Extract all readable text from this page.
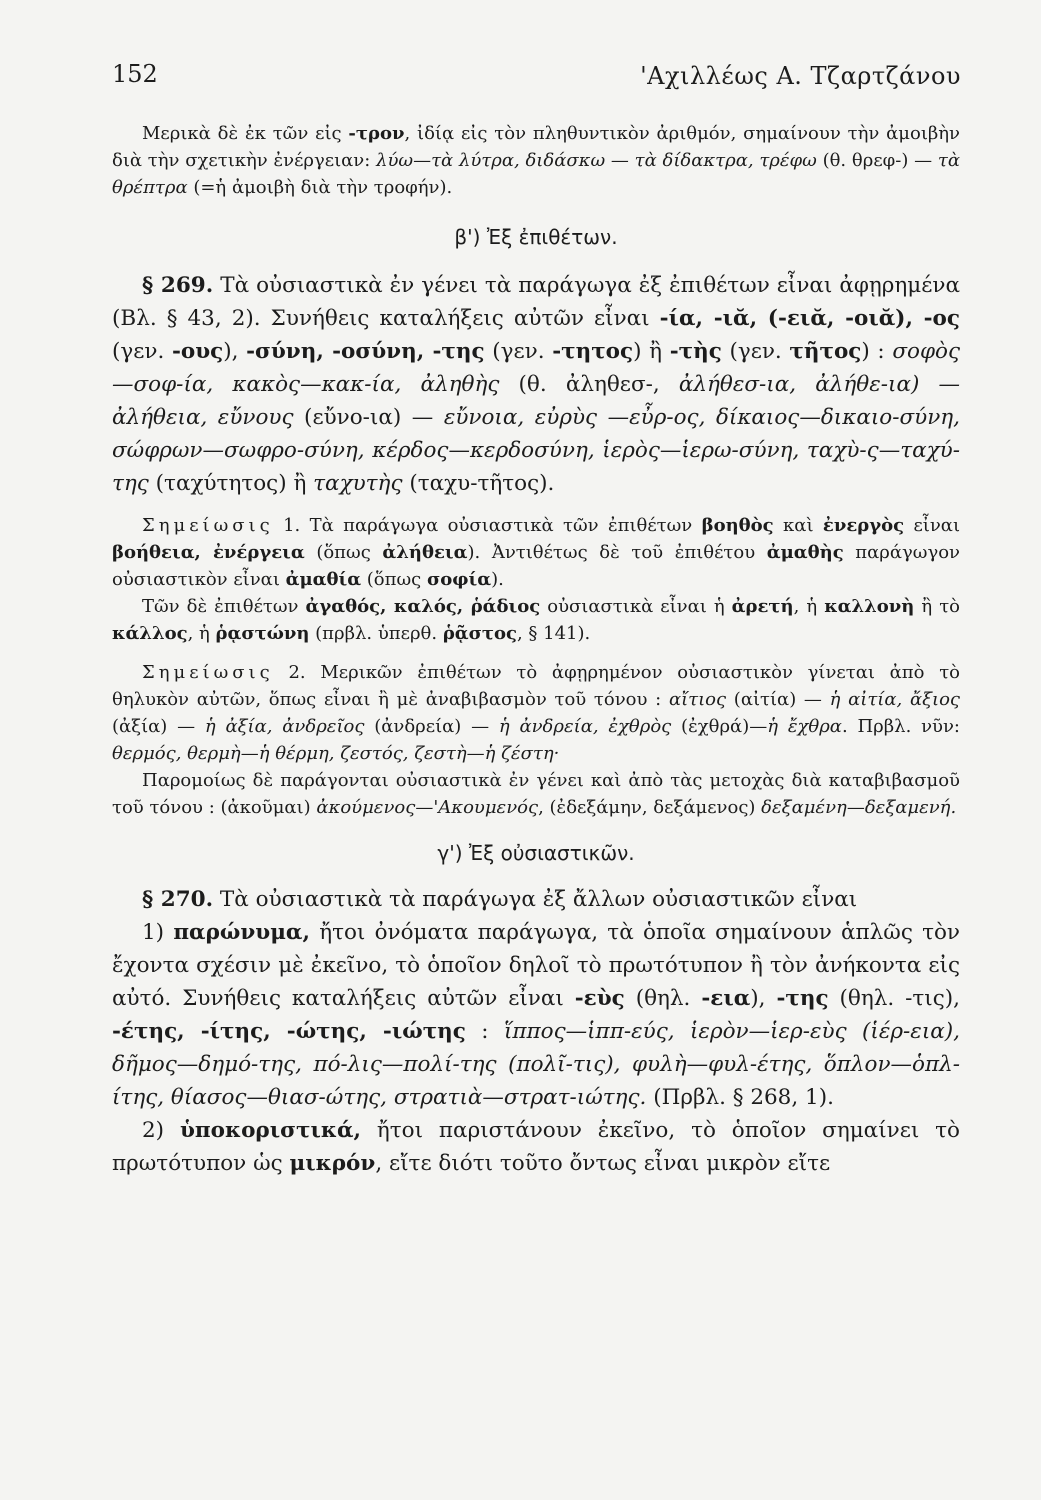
152	'Αχιλλέως Α. Τζαρτζάνου

Μερικὰ δὲ ἐκ τῶν εἰς -τρον, ἰδίᾳ εἰς τὸν πληθυντικὸν ἀριθμόν, σημαίνουν τὴν ἀμοιβὴν διὰ τὴν σχετικὴν ἐνέργειαν: λύω—τὰ λύτρα, διδάσκω — τὰ δίδακτρα, τρέφω (θ. θρεφ-) — τὰ θρέπτρα (=ἡ ἀμοιβὴ διὰ τὴν τροφήν).

β') Ἐξ ἐπιθέτων.

§ 269. Τὰ οὐσιαστικὰ ἐν γένει τὰ παράγωγα ἐξ ἐπιθέτων εἶναι ἀφῃρημένα (Βλ. § 43, 2). Συνήθεις καταλήξεις αὐτῶν εἶναι -ία, -ιᾰ, (-ειᾰ, -οιᾰ), -ος (γεν. -ους), -σύνη, -οσύνη, -της (γεν. -τητος) ἢ -τὴς (γεν. τῆτος) : σοφὸς—σοφ-ία, κακὸς—κακ-ία, ἀληθὴς (θ. ἀληθεσ-, ἀλήθεσ-ια, ἀλήθε-ια) — ἀλήθεια, εὔνους (εὔνο-ια) — εὔνοια, εὐρὺς —εὖρ-ος, δίκαιος—δικαιο-σύνη, σώφρων—σωφρο-σύνη, κέρδος—κερδοσύνη, ἱερὸς—ἱερω-σύνη, ταχὺ-ς—ταχύ-της (ταχύτητος) ἢ ταχυτὴς (ταχυ-τῆτος).

Σημείωσις 1. Τὰ παράγωγα οὐσιαστικὰ τῶν ἐπιθέτων βοηθὸς καὶ ἐνεργὸς εἶναι βοήθεια, ἐνέργεια (ὅπως ἀλήθεια). Ἀντιθέτως δὲ τοῦ ἐπιθέτου ἀμαθὴς παράγωγον οὐσιαστικὸν εἶναι ἀμαθία (ὅπως σοφία).

Τῶν δὲ ἐπιθέτων ἀγαθός, καλός, ῥάδιος οὐσιαστικὰ εἶναι ἡ ἀρετή, ἡ καλλονὴ ἢ τὸ κάλλος, ἡ ῥᾳστώνη (πρβλ. ὑπερθ. ῥᾷστος, § 141).

Σημείωσις 2. Μερικῶν ἐπιθέτων τὸ ἀφῃρημένον οὐσιαστικὸν γίνεται ἀπὸ τὸ θηλυκὸν αὐτῶν, ὅπως εἶναι ἢ μὲ ἀναβιβασμὸν τοῦ τόνου : αἴτιος (αἰτία) — ἡ αἰτία, ἄξιος (ἀξία) — ἡ ἀξία, ἀνδρεῖος (ἀνδρεία) — ἡ ἀνδρεία, ἐχθρὸς (ἐχθρά)—ἡ ἔχθρα. Πρβλ. νῦν: θερμός, θερμὴ—ἡ θέρμη, ζεστός, ζεστὴ—ἡ ζέστη·

Παρομοίως δὲ παράγονται οὐσιαστικὰ ἐν γένει καὶ ἀπὸ τὰς μετοχὰς διὰ καταβιβασμοῦ τοῦ τόνου : (ἀκοῦμαι) ἀκούμενος—'Ακουμενός, (ἐδεξάμην, δεξάμενος) δεξαμένη—δεξαμενή.

γ') Ἐξ οὐσιαστικῶν.

§ 270. Τὰ οὐσιαστικὰ τὰ παράγωγα ἐξ ἄλλων οὐσιαστικῶν εἶναι

1) παρώνυμα, ἤτοι ὀνόματα παράγωγα, τὰ ὁποῖα σημαίνουν ἁπλῶς τὸν ἔχοντα σχέσιν μὲ ἐκεῖνο, τὸ ὁποῖον δηλοῖ τὸ πρωτότυπον ἢ τὸν ἀνήκοντα εἰς αὐτό. Συνήθεις καταλήξεις αὐτῶν εἶναι -εὺς (θηλ. -εια), -της (θηλ. -τις), -έτης, -ίτης, -ώτης, -ιώτης : ἵππος—ἱππ-εύς, ἱερὸν—ἱερ-εὺς (ἱέρ-εια), δῆμος—δημό-της, πό-λις—πολί-της (πολῖ-τις), φυλὴ—φυλ-έτης, ὅπλον—ὁπλ-ίτης, θίασος—θιασ-ώτης, στρατιὰ—στρατ-ιώτης. (Πρβλ. § 268, 1).

2) ὑποκοριστικά, ἤτοι παριστάνουν ἐκεῖνο, τὸ ὁποῖον σημαίνει τὸ πρωτότυπον ὡς μικρόν, εἴτε διότι τοῦτο ὄντως εἶναι μικρὸν εἴτε
